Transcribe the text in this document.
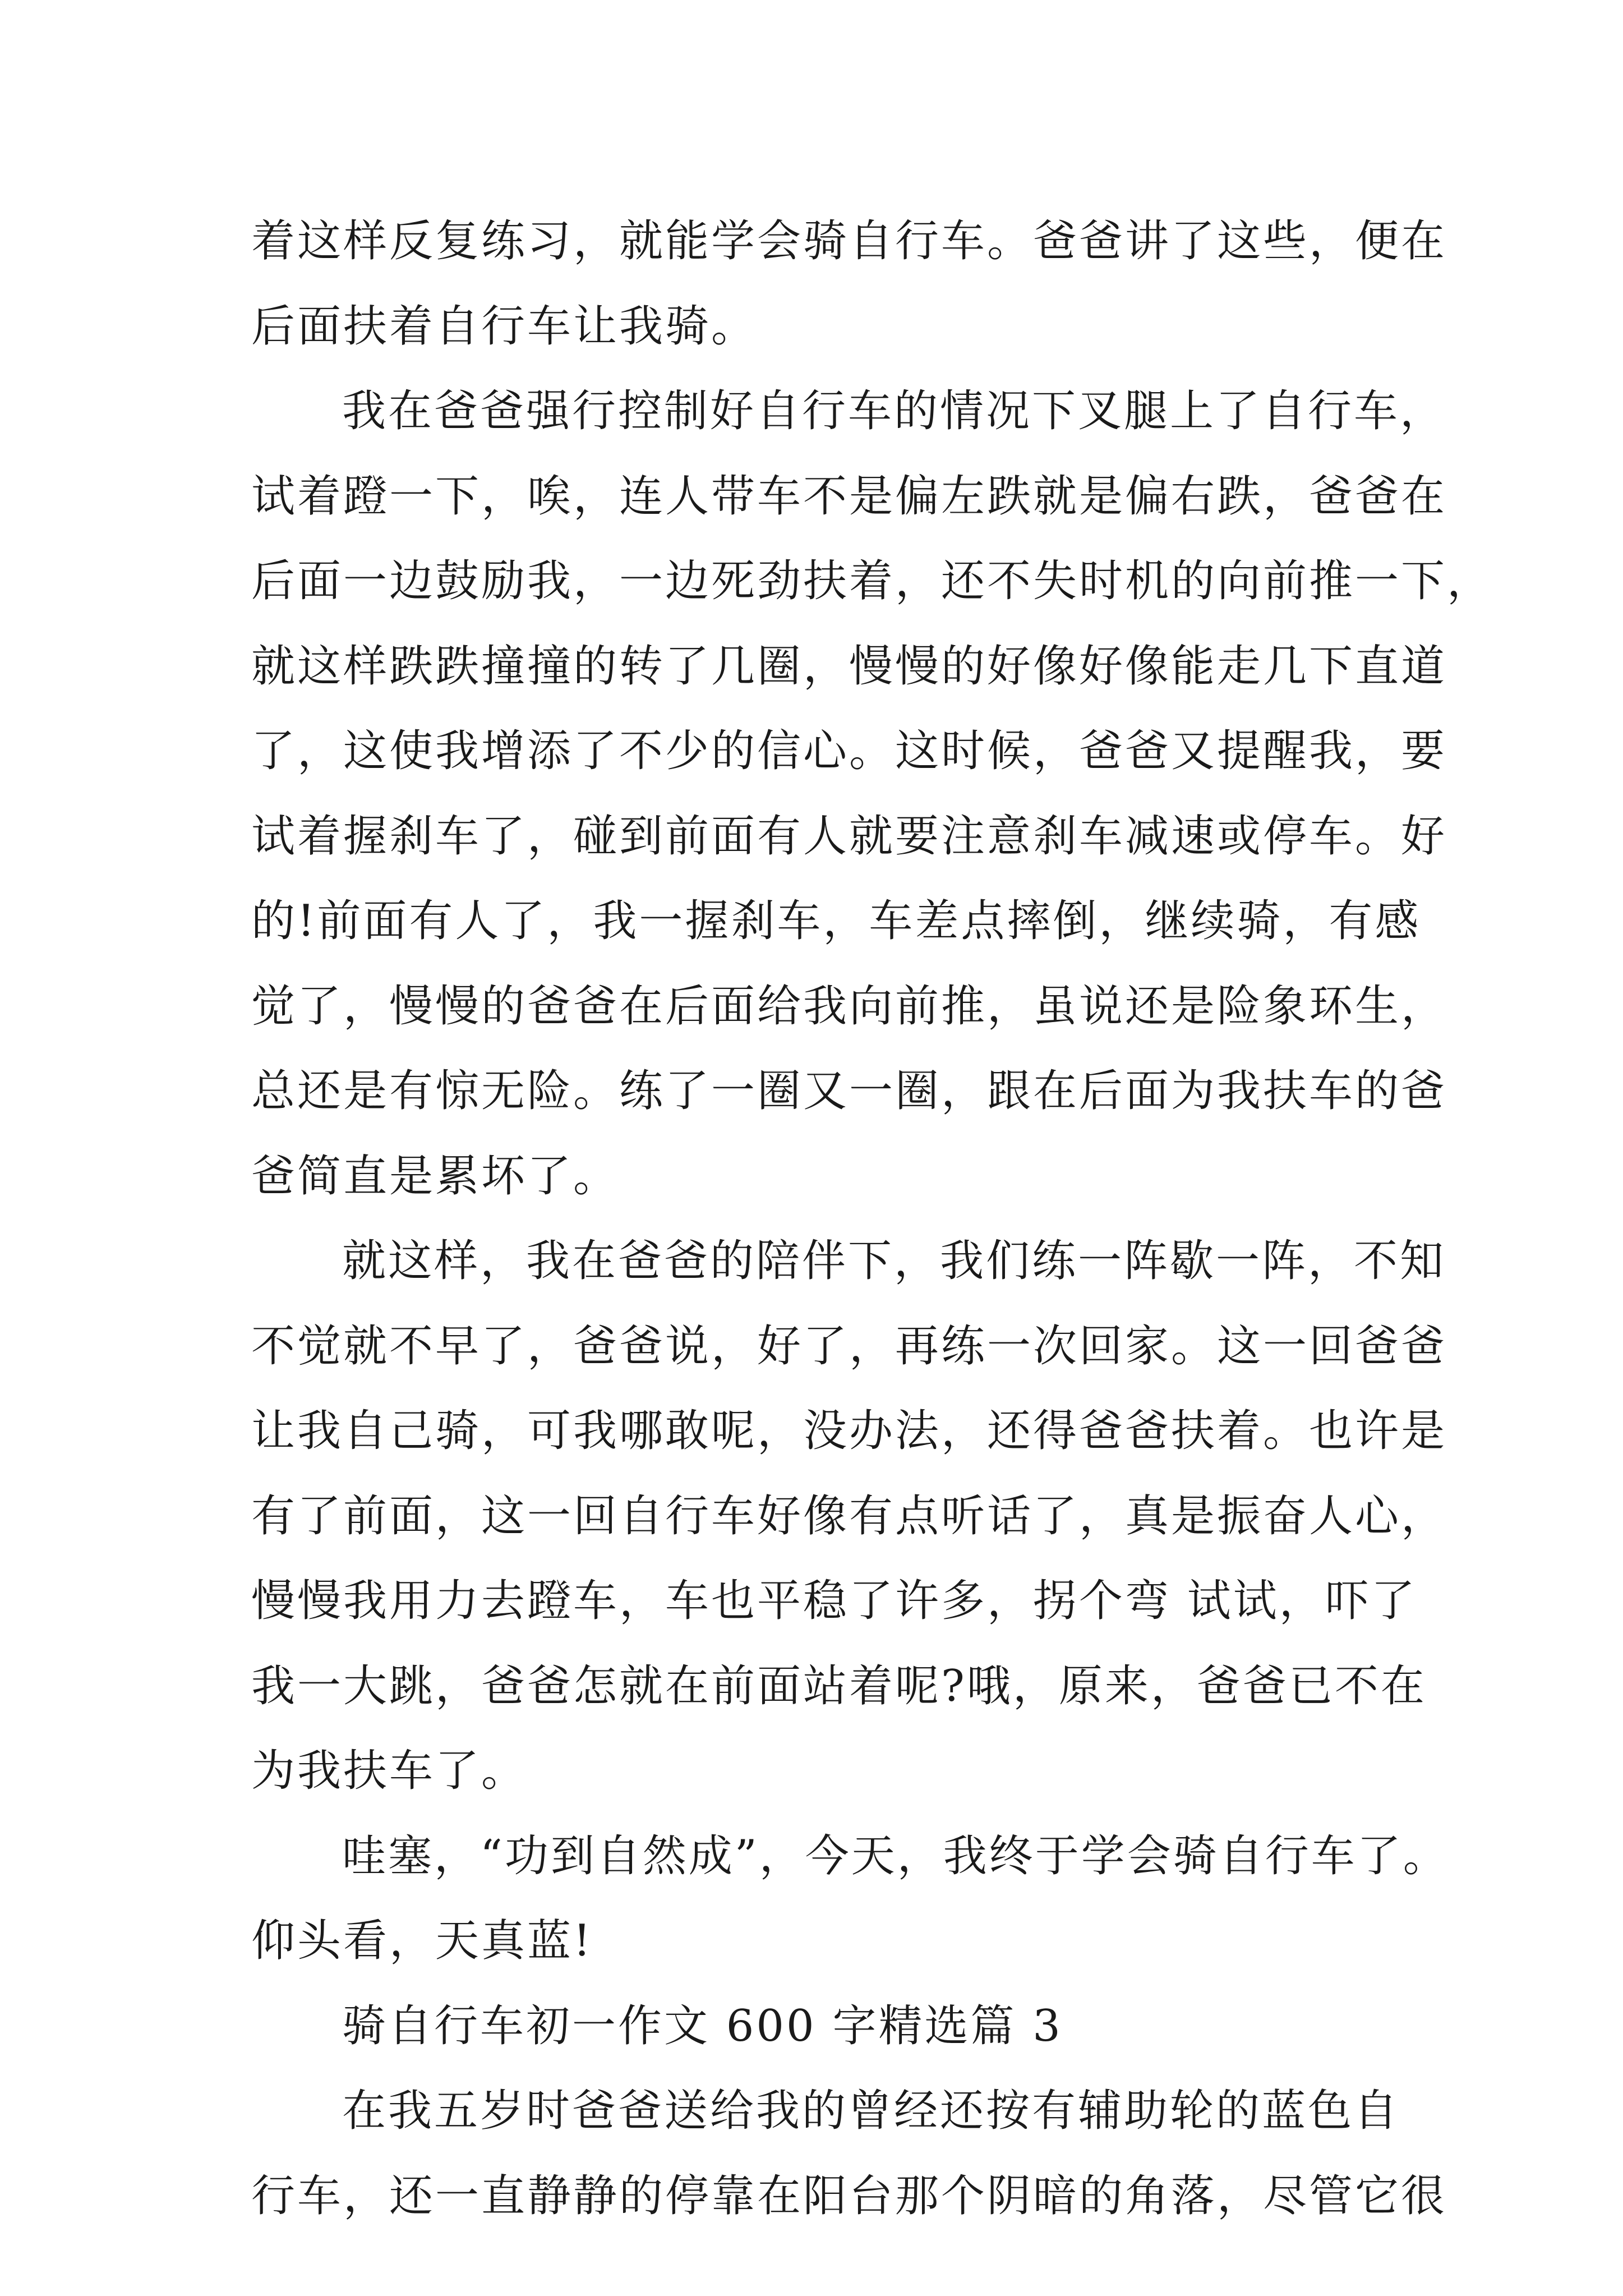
着这样反复练习，就能学会骑自行车。爸爸讲了这些，便在
后面扶着自行车让我骑。
我在爸爸强行控制好自行车的情况下叉腿上了自行车，
试着蹬一下，唉，连人带车不是偏左跌就是偏右跌，爸爸在
后面一边鼓励我，一边死劲扶着，还不失时机的向前推一下，
就这样跌跌撞撞的转了几圈，慢慢的好像好像能走几下直道
了，这使我增添了不少的信心。这时候，爸爸又提醒我，要
试着握刹车了，碰到前面有人就要注意刹车减速或停车。好
的!前面有人了，我一握刹车，车差点摔倒，继续骑，有感
觉了，慢慢的爸爸在后面给我向前推，虽说还是险象环生，
总还是有惊无险。练了一圈又一圈，跟在后面为我扶车的爸
爸简直是累坏了。
就这样，我在爸爸的陪伴下，我们练一阵歇一阵，不知
不觉就不早了，爸爸说，好了，再练一次回家。这一回爸爸
让我自己骑，可我哪敢呢，没办法，还得爸爸扶着。也许是
有了前面，这一回自行车好像有点听话了，真是振奋人心，
慢慢我用力去蹬车，车也平稳了许多，拐个弯 试试，吓了
我一大跳，爸爸怎就在前面站着呢?哦，原来，爸爸已不在
为我扶车了。
哇塞，“功到自然成”，今天，我终于学会骑自行车了。
仰头看，天真蓝!
骑自行车初一作文 600 字精选篇 3
在我五岁时爸爸送给我的曾经还按有辅助轮的蓝色自
行车，还一直静静的停靠在阳台那个阴暗的角落，尽管它很
